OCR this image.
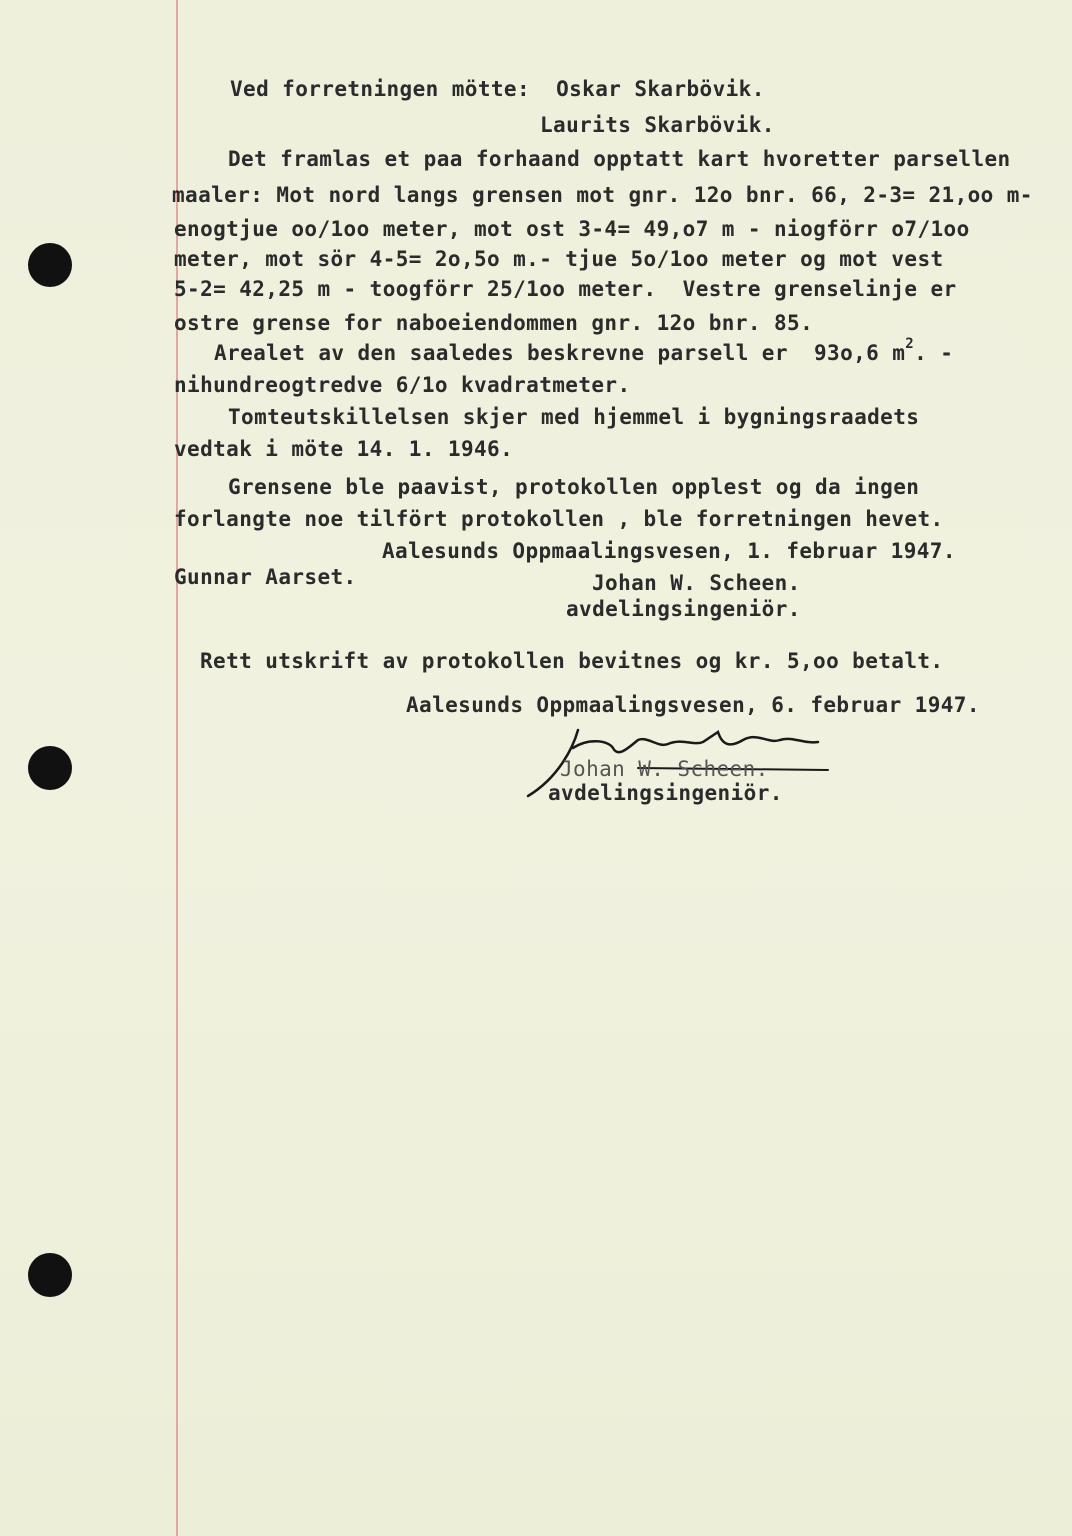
Ved forretningen mötte:  Oskar Skarbövik.
Laurits Skarbövik.
Det framlas et paa forhaand opptatt kart hvoretter parsellen
maaler: Mot nord langs grensen mot gnr. 12o bnr. 66, 2-3= 21,oo m-
enogtjue oo/1oo meter, mot ost 3-4= 49,o7 m - niogförr o7/1oo
meter, mot sör 4-5= 2o,5o m.- tjue 5o/1oo meter og mot vest
5-2= 42,25 m - toogförr 25/1oo meter.  Vestre grenselinje er
ostre grense for naboeiendommen gnr. 12o bnr. 85.
Arealet av den saaledes beskrevne parsell er  93o,6 $m^2$. -
nihundreogtredve 6/1o kvadratmeter.
Tomteutskillelsen skjer med hjemmel i bygningsraadets
vedtak i möte 14. 1. 1946.
Grensene ble paavist, protokollen opplest og da ingen
forlangte noe tilfört protokollen , ble forretningen hevet.
Aalesunds Oppmaalingsvesen, 1. februar 1947.
Gunnar Aarset.	Johan W. Scheen.
avdelingsingeniör.
Rett utskrift av protokollen bevitnes og kr. 5,oo betalt.
Aalesunds Oppmaalingsvesen, 6. februar 1947.
Johan W. Scheen.
avdelingsingeniör.
